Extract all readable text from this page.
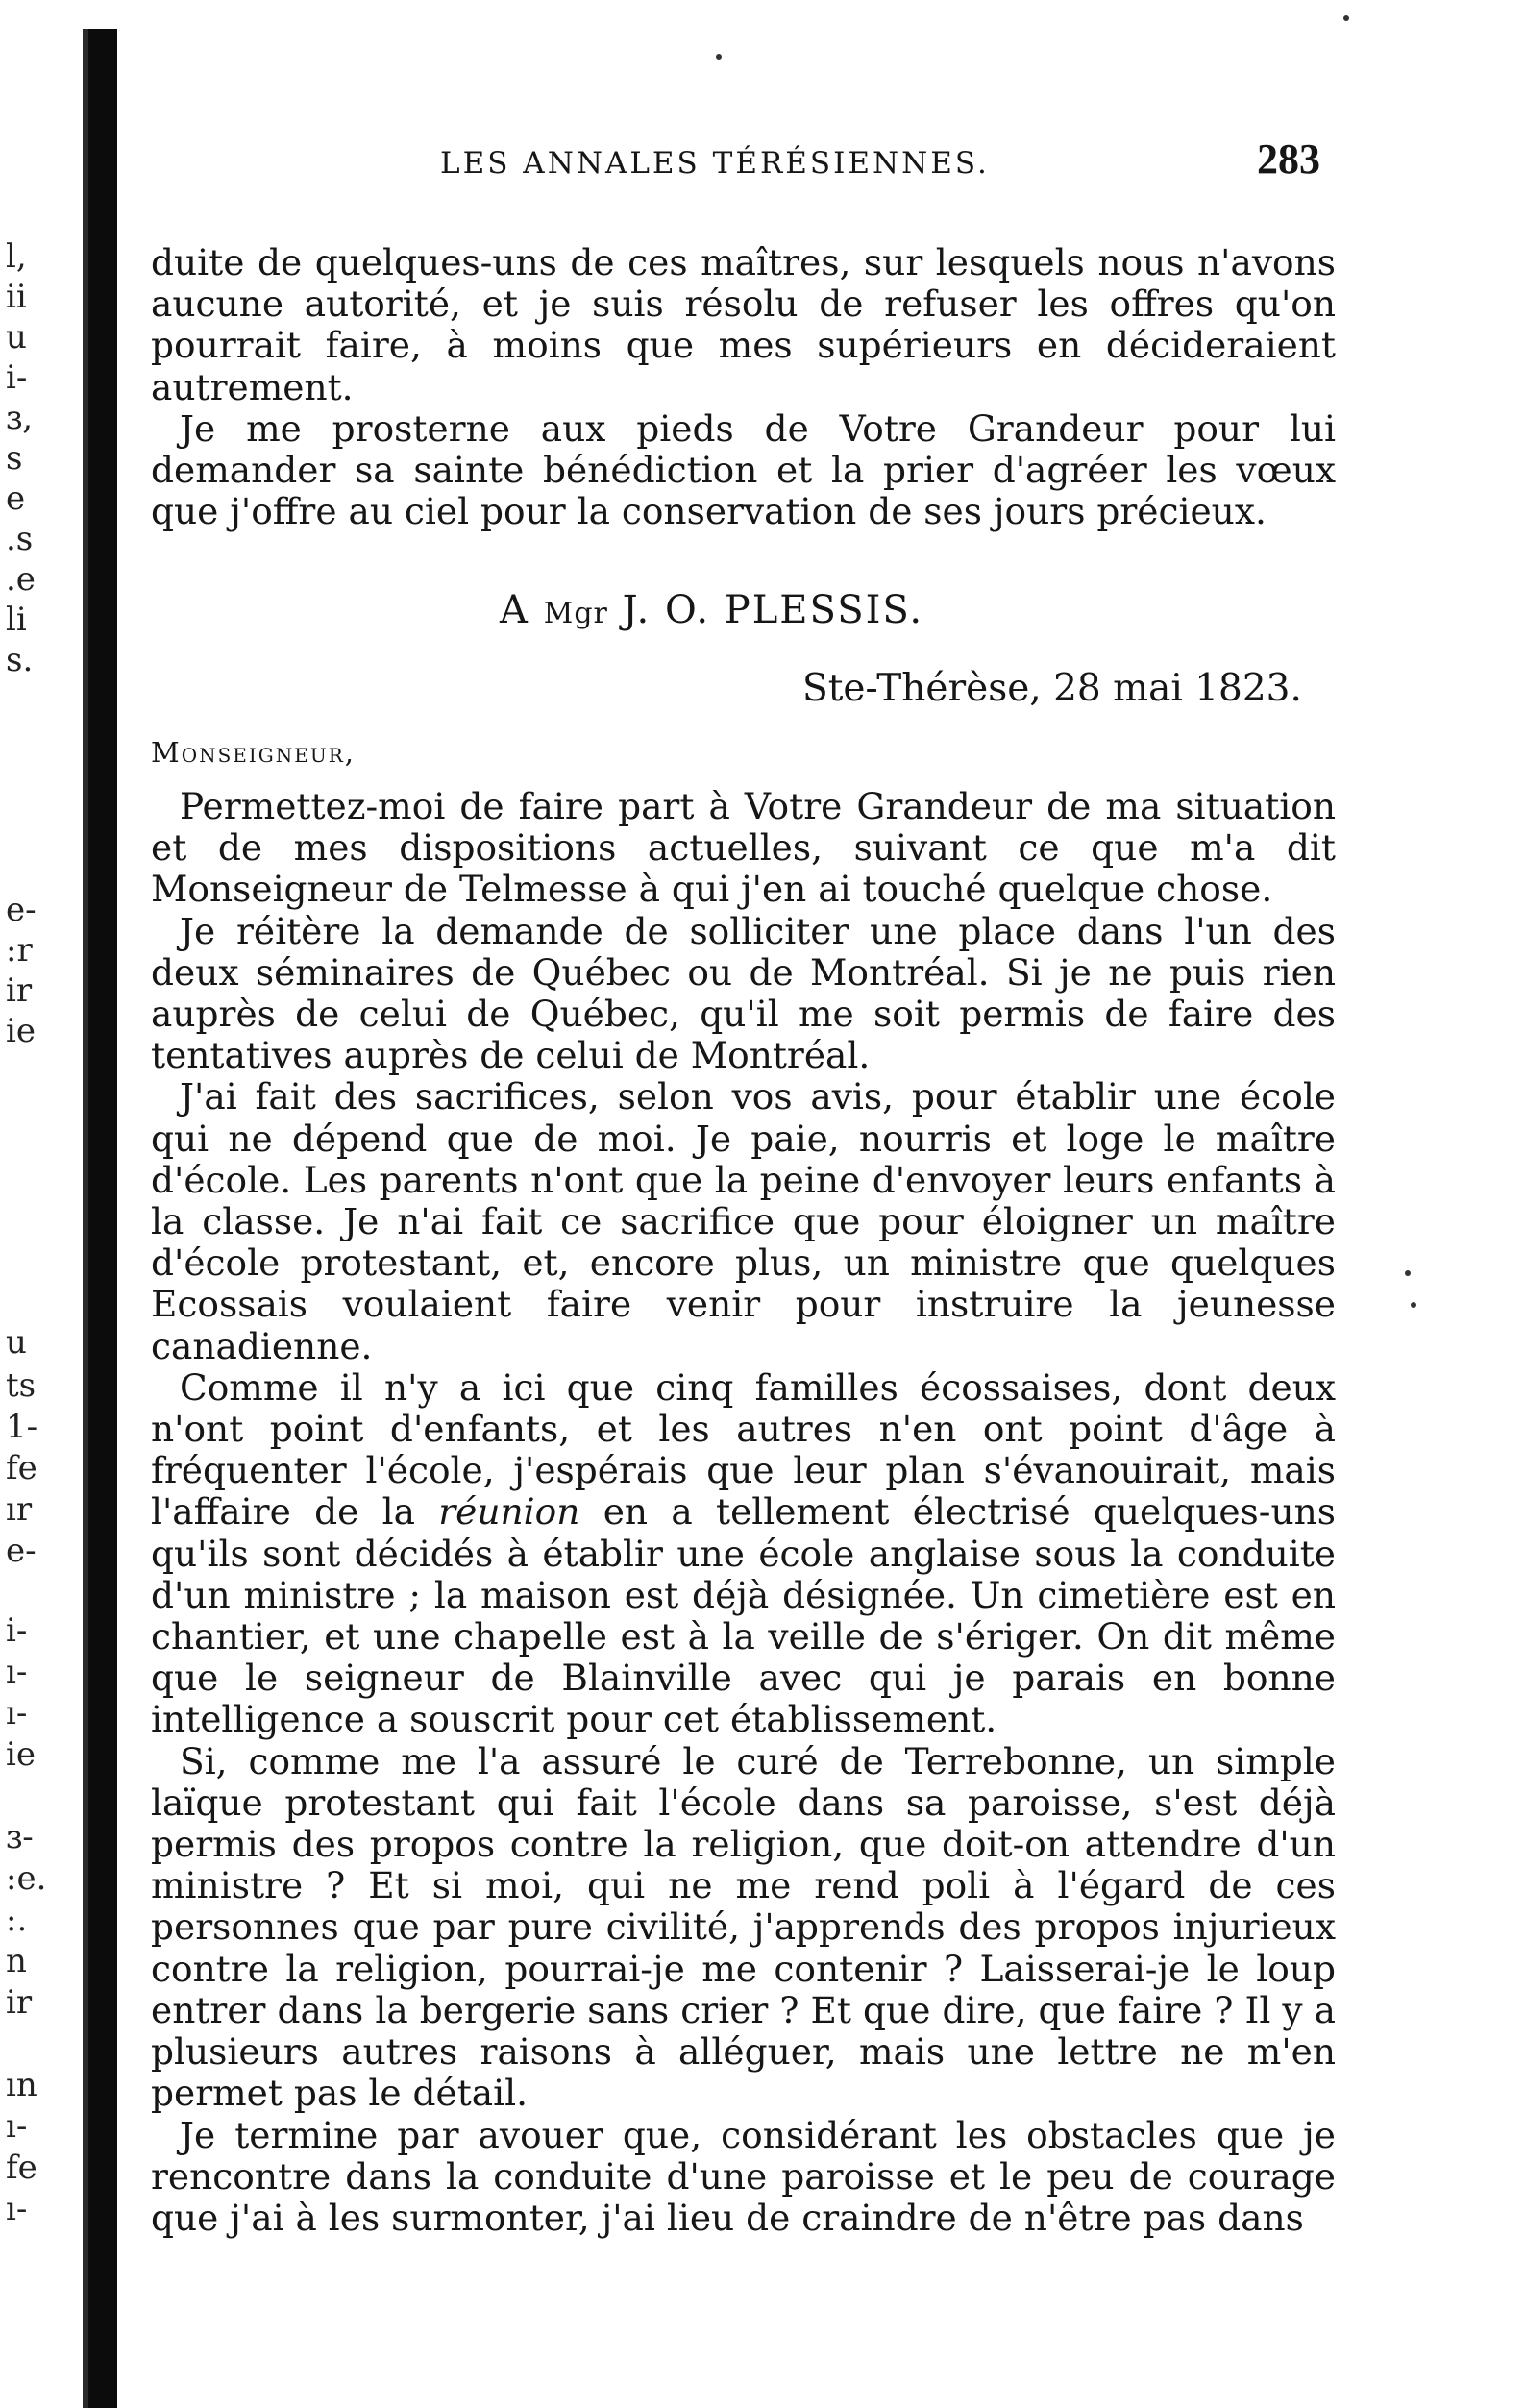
l,
ii
u
i-
ɜ,
s
e
.s
.e
li
s.
e-
:r
ir
ie
u
ts
1-
fe
ır
e-
i-
ı-
ı-
ie
ɜ-
:e.
:.
n
ir
ın
ı-
fe
ı-
LES ANNALES TÉRÉSIENNES.	283

duite de quelques-uns de ces maîtres, sur lesquels nous n'avons aucune autorité, et je suis résolu de refuser les offres qu'on pourrait faire, à moins que mes supérieurs en décideraient autrement.

Je me prosterne aux pieds de Votre Grandeur pour lui demander sa sainte bénédiction et la prier d'agréer les vœux que j'offre au ciel pour la conservation de ses jours précieux.

A Mgr J. O. PLESSIS.
Ste-Thérèse, 28 mai 1823.
Monseigneur,

Permettez-moi de faire part à Votre Grandeur de ma situation et de mes dispositions actuelles, suivant ce que m'a dit Monseigneur de Telmesse à qui j'en ai touché quelque chose.

Je réitère la demande de solliciter une place dans l'un des deux séminaires de Québec ou de Montréal. Si je ne puis rien auprès de celui de Québec, qu'il me soit permis de faire des tentatives auprès de celui de Montréal.

J'ai fait des sacrifices, selon vos avis, pour établir une école qui ne dépend que de moi. Je paie, nourris et loge le maître d'école. Les parents n'ont que la peine d'envoyer leurs enfants à la classe. Je n'ai fait ce sacrifice que pour éloigner un maître d'école protestant, et, encore plus, un ministre que quelques Ecossais voulaient faire venir pour instruire la jeunesse canadienne.

Comme il n'y a ici que cinq familles écossaises, dont deux n'ont point d'enfants, et les autres n'en ont point d'âge à fréquenter l'école, j'espérais que leur plan s'évanouirait, mais l'affaire de la réunion en a tellement électrisé quelques-uns qu'ils sont décidés à établir une école anglaise sous la conduite d'un ministre ; la maison est déjà désignée. Un cimetière est en chantier, et une chapelle est à la veille de s'ériger. On dit même que le seigneur de Blainville avec qui je parais en bonne intelligence a souscrit pour cet établissement.

Si, comme me l'a assuré le curé de Terrebonne, un simple laïque protestant qui fait l'école dans sa paroisse, s'est déjà permis des propos contre la religion, que doit-on attendre d'un ministre ? Et si moi, qui ne me rend poli à l'égard de ces personnes que par pure civilité, j'apprends des propos injurieux contre la religion, pourrai-je me contenir ? Laisserai-je le loup entrer dans la bergerie sans crier ? Et que dire, que faire ? Il y a plusieurs autres raisons à alléguer, mais une lettre ne m'en permet pas le détail.

Je termine par avouer que, considérant les obstacles que je rencontre dans la conduite d'une paroisse et le peu de courage que j'ai à les surmonter, j'ai lieu de craindre de n'être pas dans
